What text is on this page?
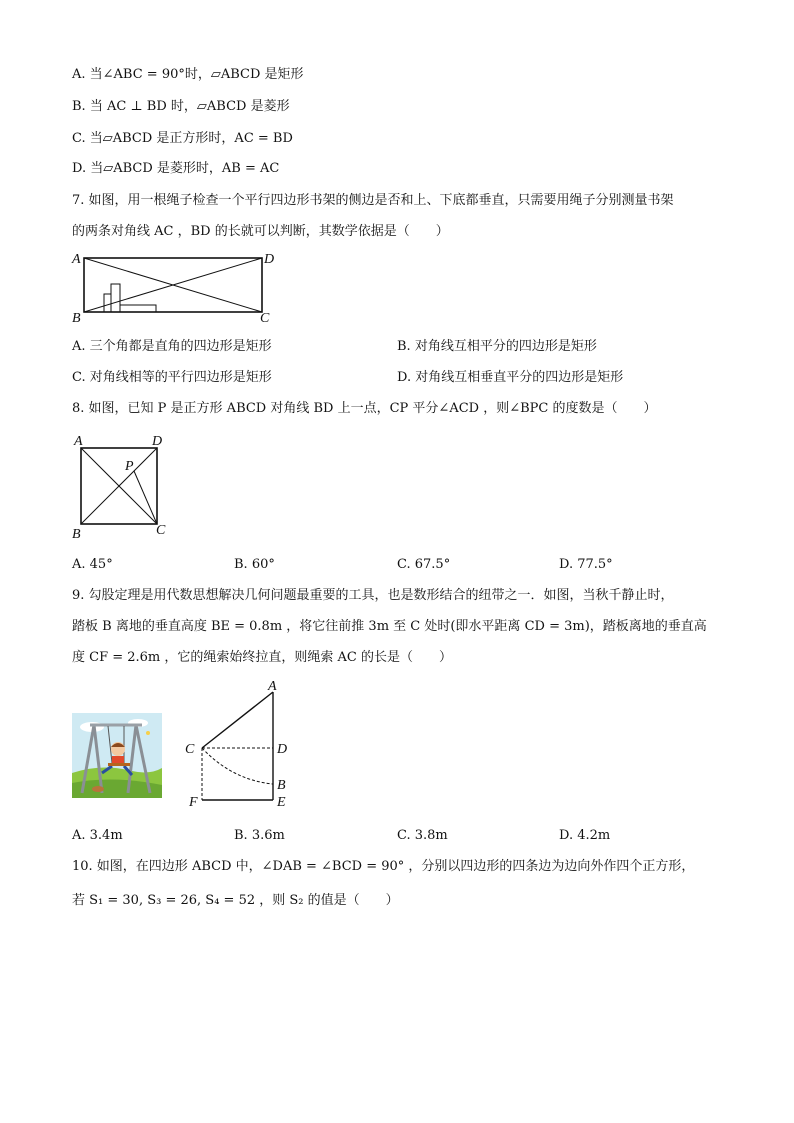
A. 当∠ABC = 90°时，▱ABCD 是矩形
B. 当 AC ⊥ BD 时，▱ABCD 是菱形
C. 当▱ABCD 是正方形时，AC = BD
D. 当▱ABCD 是菱形时，AB = AC
7. 如图，用一根绳子检查一个平行四边形书架的侧边是否和上、下底都垂直，只需要用绳子分别测量书架
的两条对角线 AC ，BD 的长就可以判断，其数学依据是（　　）
A	D
B	C
A. 三个角都是直角的四边形是矩形	B. 对角线互相平分的四边形是矩形
C. 对角线相等的平行四边形是矩形	D. 对角线互相垂直平分的四边形是矩形
8. 如图，已知 P 是正方形 ABCD 对角线 BD 上一点，CP 平分∠ACD ，则∠BPC 的度数是（　　）
A	D
P
B	C
A. 45°	B. 60°	C. 67.5°	D. 77.5°
9. 勾股定理是用代数思想解决几何问题最重要的工具，也是数形结合的纽带之一．如图，当秋千静止时，
踏板 B 离地的垂直高度 BE = 0.8m ，将它往前推 3m 至 C 处时(即水平距离 CD = 3m)，踏板离地的垂直高
度 CF = 2.6m ，它的绳索始终拉直，则绳索 AC 的长是（　　）
A
C	D
B
F	E
A. 3.4m	B. 3.6m	C. 3.8m	D. 4.2m
10. 如图，在四边形 ABCD 中，∠DAB = ∠BCD = 90° ，分别以四边形的四条边为边向外作四个正方形，
若 S₁ = 30, S₃ = 26, S₄ = 52 ，则 S₂ 的值是（　　）
